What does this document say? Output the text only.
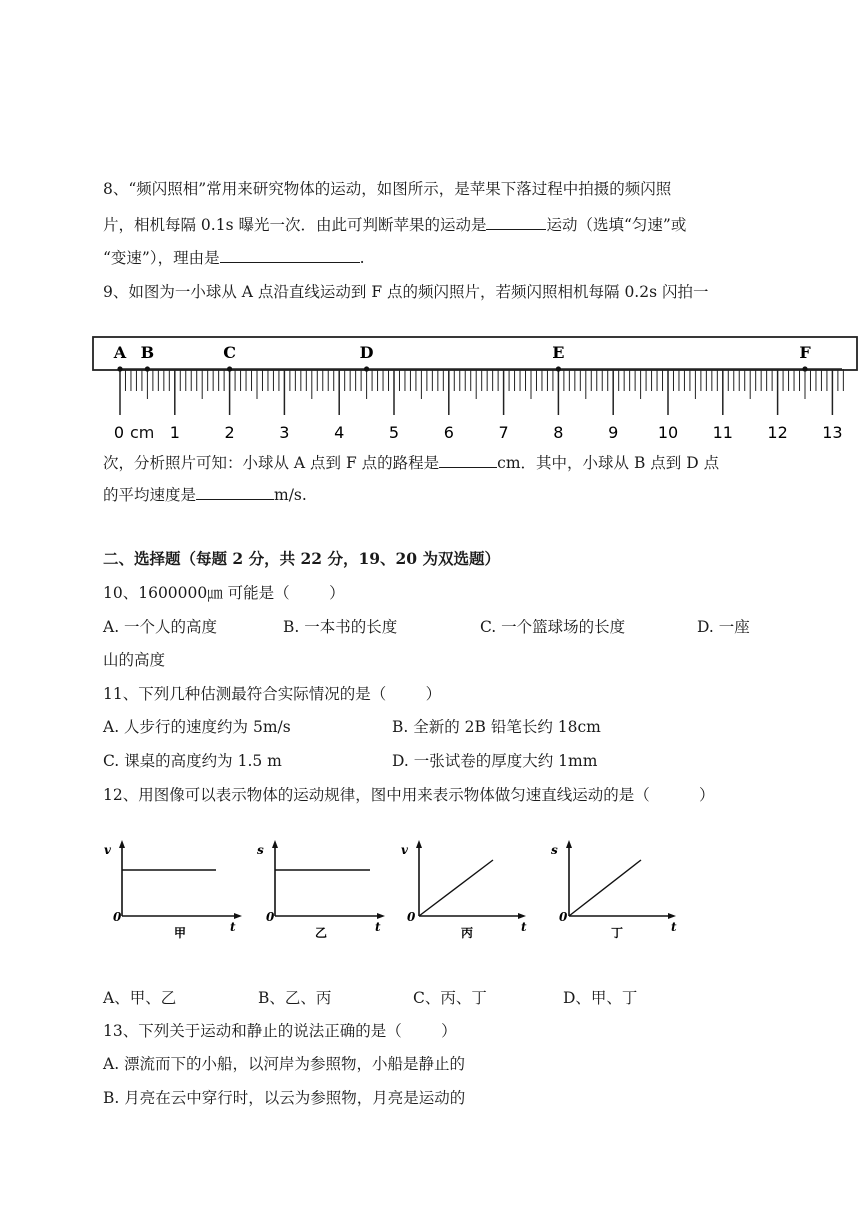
8、“频闪照相”常用来研究物体的运动，如图所示，是苹果下落过程中拍摄的频闪照
片，相机每隔 0.1s 曝光一次．由此可判断苹果的运动是	运动（选填“匀速”或
“变速”），理由是	.
9、如图为一小球从 A 点沿直线运动到 F 点的频闪照片，若频闪照相机每隔 0.2s 闪拍一
A B	C	D	E	F
0	1	2	3	4	5	6	7	8	9 10 11 12 13
cm
次，分析照片可知：小球从 A 点到 F 点的路程是	cm．其中，小球从 B 点到 D 点
的平均速度是	m/s.
二、选择题（每题 2 分，共 22 分，19、20 为双选题）
10、1600000㎛ 可能是（        ）
A. 一个人的高度	B. 一本书的长度	C. 一个篮球场的长度	D. 一座
山的高度
11、下列几种估测最符合实际情况的是（        ）
A. 人步行的速度约为 5m/s	B. 全新的 2B 铅笔长约 18cm
C. 课桌的高度约为 1.5 m	D. 一张试卷的厚度大约 1mm
12、用图像可以表示物体的运动规律，图中用来表示物体做匀速直线运动的是（          ）
v
0
t
甲
s
0
t
乙
v
0
t
丙
s
0
t
丁
A、甲、乙	B、乙、丙	C、丙、丁	D、甲、丁
13、下列关于运动和静止的说法正确的是（        ）
A. 漂流而下的小船，以河岸为参照物，小船是静止的
B. 月亮在云中穿行时，以云为参照物，月亮是运动的
